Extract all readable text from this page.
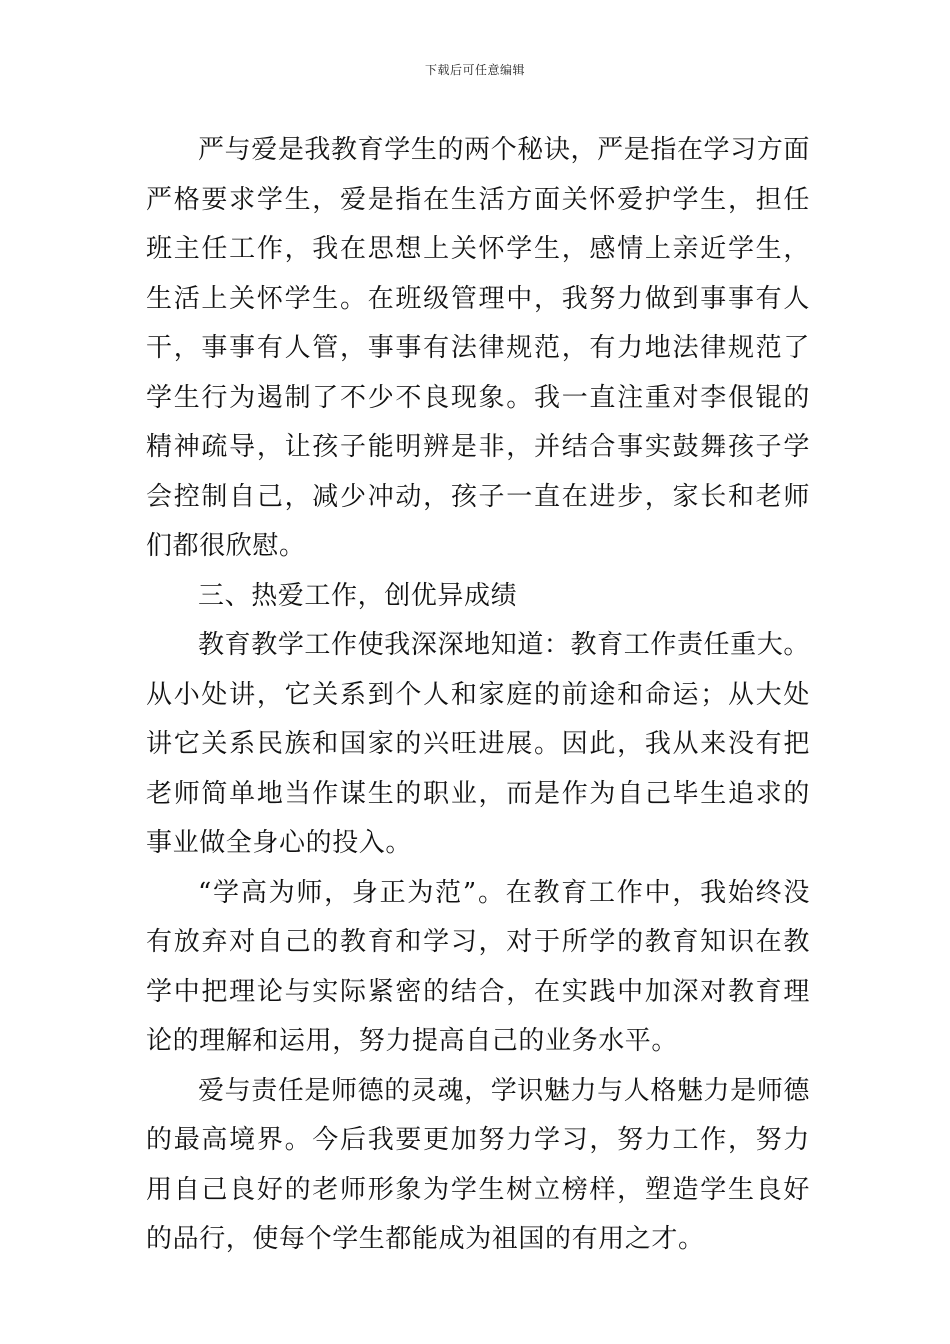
下载后可任意编辑

严与爱是我教育学生的两个秘诀，严是指在学习方面严格要求学生，爱是指在生活方面关怀爱护学生，担任班主任工作，我在思想上关怀学生，感情上亲近学生，生活上关怀学生。在班级管理中，我努力做到事事有人干，事事有人管，事事有法律规范，有力地法律规范了学生行为遏制了不少不良现象。我一直注重对李佷锟的精神疏导，让孩子能明辨是非，并结合事实鼓舞孩子学会控制自己，减少冲动，孩子一直在进步，家长和老师们都很欣慰。

三、热爱工作，创优异成绩

教育教学工作使我深深地知道：教育工作责任重大。从小处讲，它关系到个人和家庭的前途和命运；从大处讲它关系民族和国家的兴旺进展。因此，我从来没有把老师简单地当作谋生的职业，而是作为自己毕生追求的事业做全身心的投入。

“学高为师，身正为范”。在教育工作中，我始终没有放弃对自己的教育和学习，对于所学的教育知识在教学中把理论与实际紧密的结合，在实践中加深对教育理论的理解和运用，努力提高自己的业务水平。

爱与责任是师德的灵魂，学识魅力与人格魅力是师德的最高境界。今后我要更加努力学习，努力工作，努力用自己良好的老师形象为学生树立榜样，塑造学生良好的品行，使每个学生都能成为祖国的有用之才。
